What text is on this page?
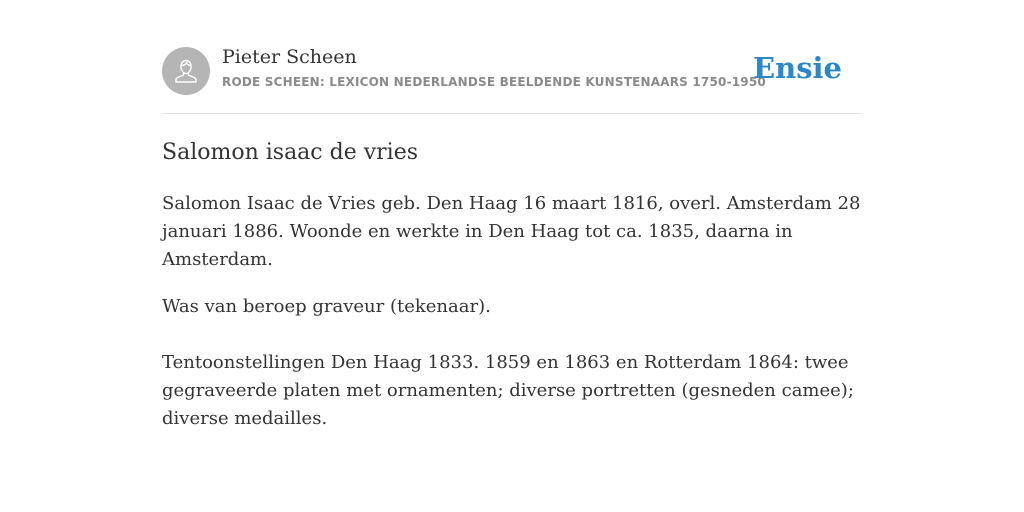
Pieter Scheen
RODE SCHEEN: LEXICON NEDERLANDSE BEELDENDE KUNSTENAARS 1750-1950
Ensie
Salomon isaac de vries

Salomon Isaac de Vries geb. Den Haag 16 maart 1816, overl. Amsterdam 28 januari 1886. Woonde en werkte in Den Haag tot ca. 1835, daarna in Amsterdam.

Was van beroep graveur (tekenaar).

Tentoonstellingen Den Haag 1833. 1859 en 1863 en Rotterdam 1864: twee gegraveerde platen met ornamenten; diverse portretten (gesneden camee); diverse medailles.
